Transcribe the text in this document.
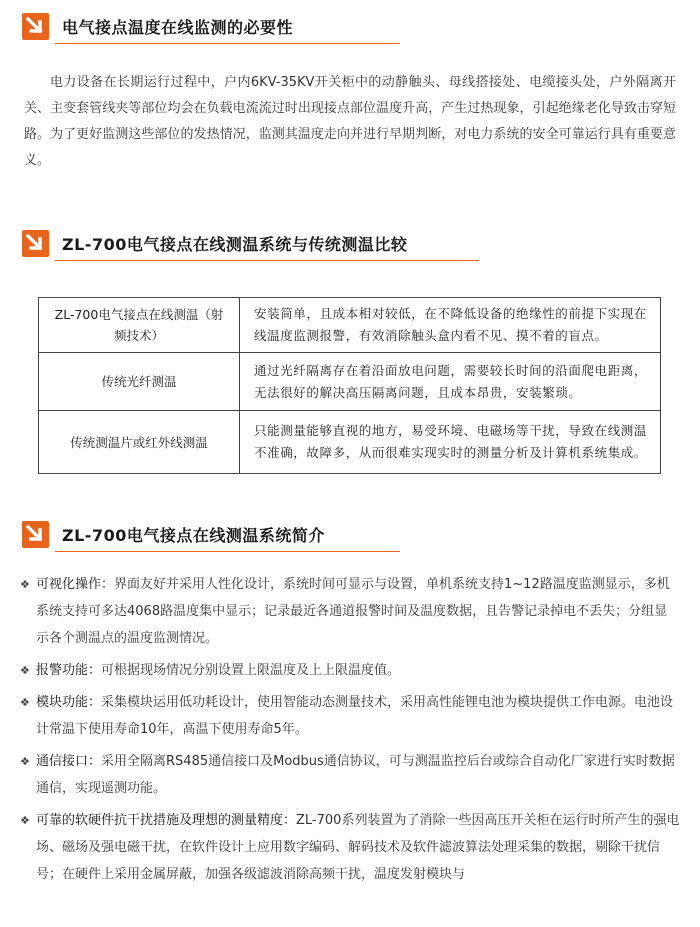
电气接点温度在线监测的必要性
电力设备在长期运行过程中，户内6KV-35KV开关柜中的动静触头、母线搭接处、电缆接头处，户外隔离开关、主变套管线夹等部位均会在负载电流流过时出现接点部位温度升高，产生过热现象，引起绝缘老化导致击穿短路。为了更好监测这些部位的发热情况，监测其温度走向并进行早期判断，对电力系统的安全可靠运行具有重要意义。
ZL-700电气接点在线测温系统与传统测温比较
ZL-700电气接点在线测温（射频技术）	安装简单，且成本相对较低，在不降低设备的绝缘性的前提下实现在线温度监测报警，有效消除触头盒内看不见、摸不着的盲点。
传统光纤测温	通过光纤隔离存在着沿面放电问题，需要较长时间的沿面爬电距离，无法很好的解决高压隔离问题，且成本昂贵，安装繁琐。
传统测温片或红外线测温	只能测量能够直视的地方，易受环境、电磁场等干扰，导致在线测温不准确，故障多，从而很难实现实时的测量分析及计算机系统集成。
ZL-700电气接点在线测温系统简介
❖ 可视化操作：界面友好并采用人性化设计，系统时间可显示与设置，单机系统支持1~12路温度监测显示，多机系统支持可多达4068路温度集中显示；记录最近各通道报警时间及温度数据，且告警记录掉电不丢失；分组显示各个测温点的温度监测情况。
❖ 报警功能：可根据现场情况分别设置上限温度及上上限温度值。
❖ 模块功能：采集模块运用低功耗设计，使用智能动态测量技术，采用高性能锂电池为模块提供工作电源。电池设计常温下使用寿命10年，高温下使用寿命5年。
❖ 通信接口：采用全隔离RS485通信接口及Modbus通信协议，可与测温监控后台或综合自动化厂家进行实时数据通信，实现遥测功能。
❖ 可靠的软硬件抗干扰措施及理想的测量精度：ZL-700系列装置为了消除一些因高压开关柜在运行时所产生的强电场、磁场及强电磁干扰，在软件设计上应用数字编码、解码技术及软件滤波算法处理采集的数据，剔除干扰信号；在硬件上采用金属屏蔽，加强各级滤波消除高频干扰，温度发射模块与
